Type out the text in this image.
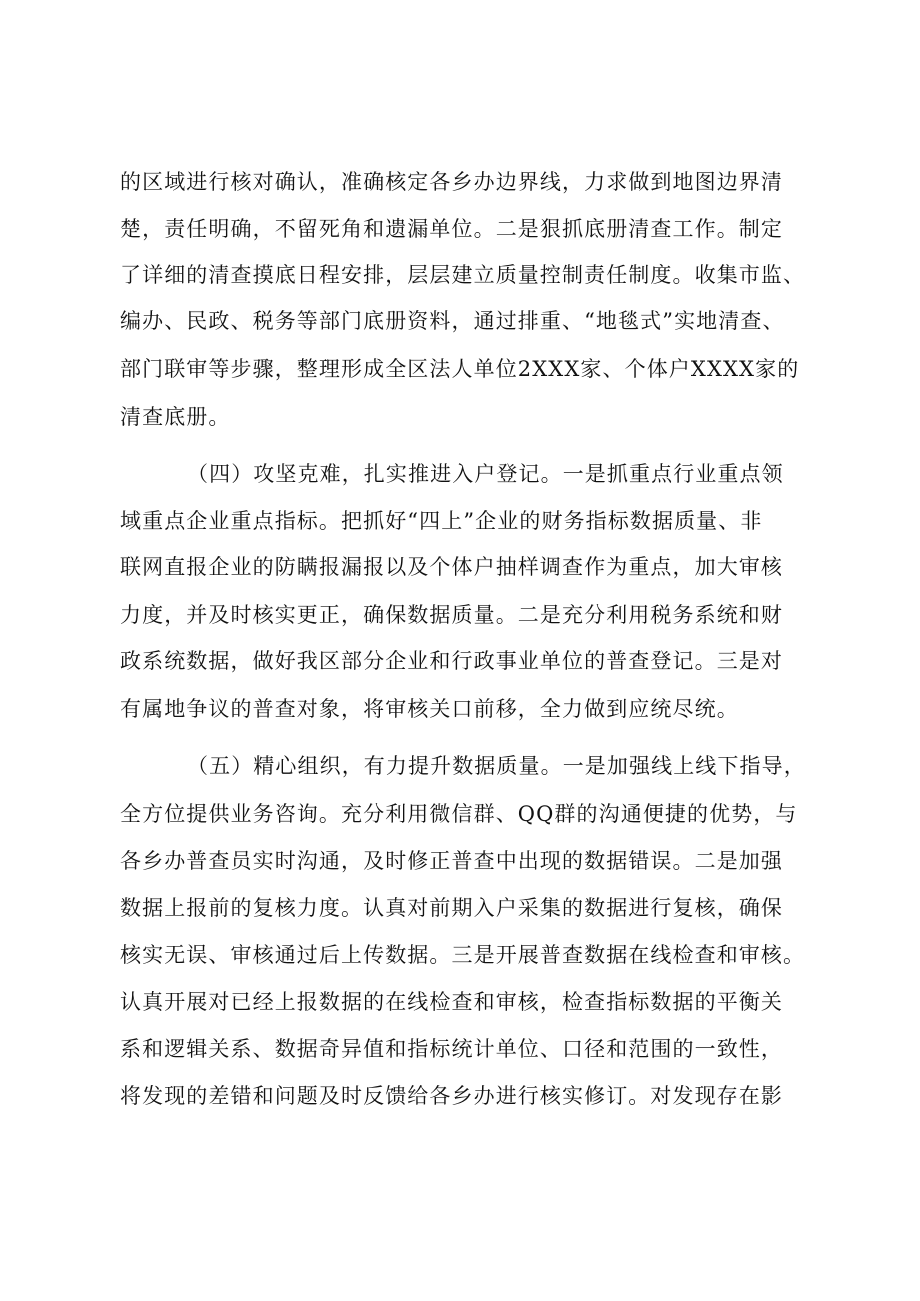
的区域进行核对确认，准确核定各乡办边界线，力求做到地图边界清
楚，责任明确，不留死角和遗漏单位。二是狠抓底册清查工作。制定
了详细的清查摸底日程安排，层层建立质量控制责任制度。收集市监、
编办、民政、税务等部门底册资料，通过排重、“地毯式”实地清查、
部门联审等步骤，整理形成全区法人单位2XXX家、个体户XXXX家的
清查底册。
（四）攻坚克难，扎实推进入户登记。一是抓重点行业重点领
域重点企业重点指标。把抓好“四上”企业的财务指标数据质量、非
联网直报企业的防瞒报漏报以及个体户抽样调查作为重点，加大审核
力度，并及时核实更正，确保数据质量。二是充分利用税务系统和财
政系统数据，做好我区部分企业和行政事业单位的普查登记。三是对
有属地争议的普查对象，将审核关口前移，全力做到应统尽统。
（五）精心组织，有力提升数据质量。一是加强线上线下指导，
全方位提供业务咨询。充分利用微信群、QQ群的沟通便捷的优势，与
各乡办普查员实时沟通，及时修正普查中出现的数据错误。二是加强
数据上报前的复核力度。认真对前期入户采集的数据进行复核，确保
核实无误、审核通过后上传数据。三是开展普查数据在线检查和审核。
认真开展对已经上报数据的在线检查和审核，检查指标数据的平衡关
系和逻辑关系、数据奇异值和指标统计单位、口径和范围的一致性，
将发现的差错和问题及时反馈给各乡办进行核实修订。对发现存在影
